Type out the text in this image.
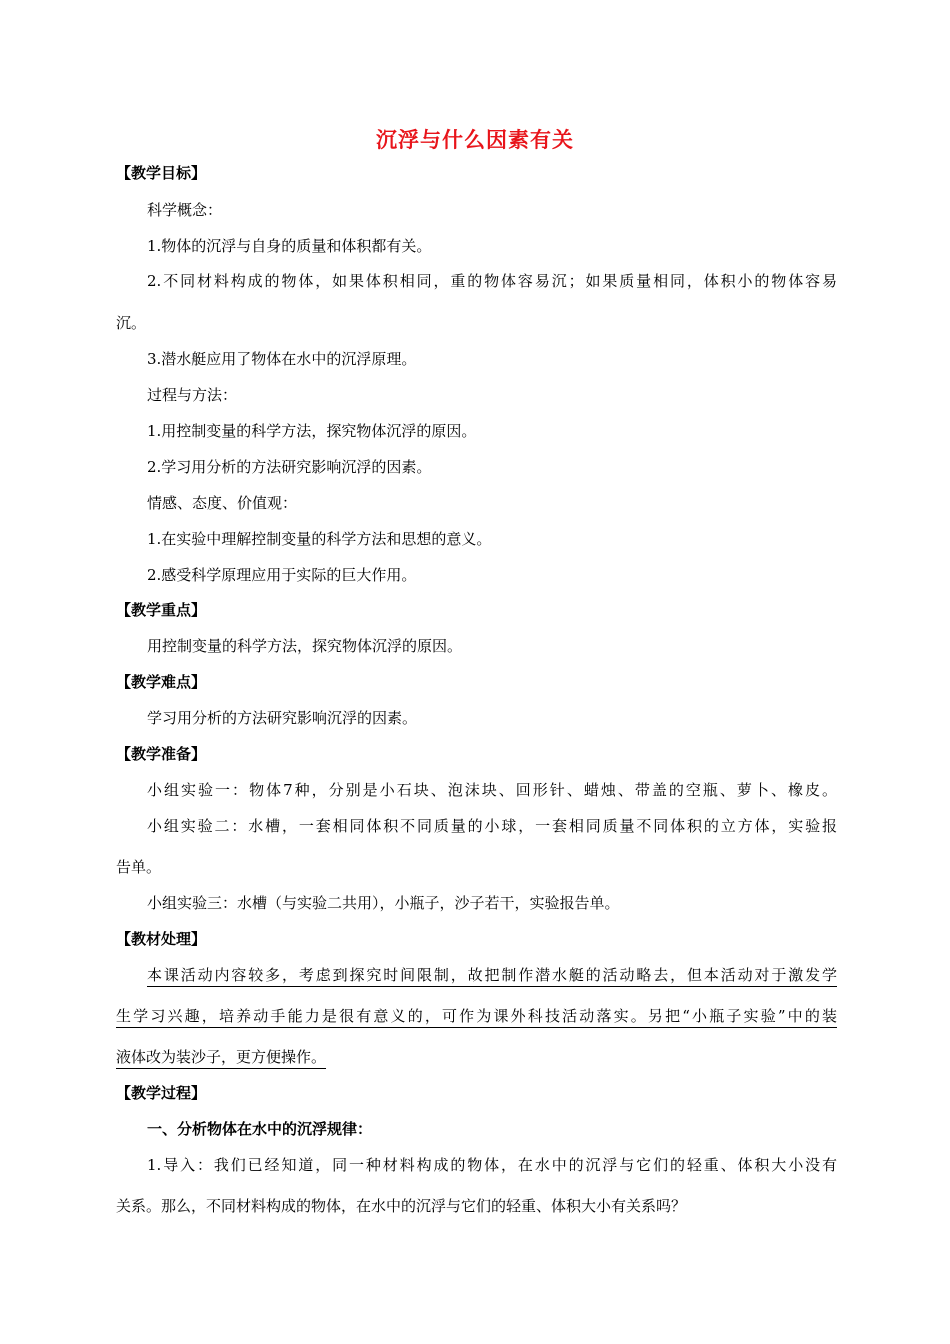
沉浮与什么因素有关
【教学目标】
科学概念：
1.物体的沉浮与自身的质量和体积都有关。
2.不同材料构成的物体，如果体积相同，重的物体容易沉；如果质量相同，体积小的物体容易
沉。
3.潜水艇应用了物体在水中的沉浮原理。
过程与方法：
1.用控制变量的科学方法，探究物体沉浮的原因。
2.学习用分析的方法研究影响沉浮的因素。
情感、态度、价值观：
1.在实验中理解控制变量的科学方法和思想的意义。
2.感受科学原理应用于实际的巨大作用。
【教学重点】
用控制变量的科学方法，探究物体沉浮的原因。
【教学难点】
学习用分析的方法研究影响沉浮的因素。
【教学准备】
小组实验一：物体7种，分别是小石块、泡沫块、回形针、蜡烛、带盖的空瓶、萝卜、橡皮。
小组实验二：水槽，一套相同体积不同质量的小球，一套相同质量不同体积的立方体，实验报
告单。
小组实验三：水槽（与实验二共用），小瓶子，沙子若干，实验报告单。
【教材处理】
本课活动内容较多，考虑到探究时间限制，故把制作潜水艇的活动略去，但本活动对于激发学
生学习兴趣，培养动手能力是很有意义的，可作为课外科技活动落实。另把“小瓶子实验”中的装
液体改为装沙子，更方便操作。
【教学过程】
一、分析物体在水中的沉浮规律：
1.导入：我们已经知道，同一种材料构成的物体，在水中的沉浮与它们的轻重、体积大小没有
关系。那么，不同材料构成的物体，在水中的沉浮与它们的轻重、体积大小有关系吗？
